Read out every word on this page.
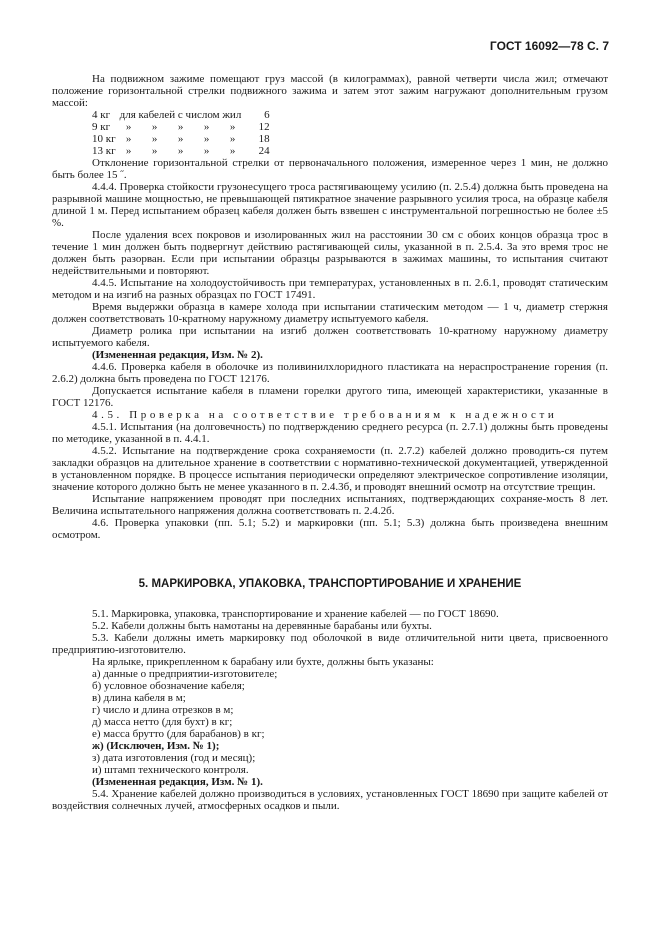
ГОСТ 16092—78 С. 7

На подвижном зажиме помещают груз массой (в килограммах), равной четверти числа жил; отмечают положение горизонтальной стрелки подвижного зажима и затем этот зажим нагружают дополнительным грузом массой:

4 кг	для кабелей с числом жил					6
9 кг	»	»	»	»	»	12
10 кг	»	»	»	»	»	18
13 кг	»	»	»	»	»	24

Отклонение горизонтальной стрелки от первоначального положения, измеренное через 1 мин, не должно быть более 15 ˝.

4.4.4. Проверка стойкости грузонесущего троса растягивающему усилию (п. 2.5.4) должна быть проведена на разрывной машине мощностью, не превышающей пятикратное значение разрывного усилия троса, на образце кабеля длиной 1 м. Перед испытанием образец кабеля должен быть взвешен с инструментальной погрешностью не более ±5 %.

После удаления всех покровов и изолированных жил на расстоянии 30 см с обоих концов образца трос в течение 1 мин должен быть подвергнут действию растягивающей силы, указанной в п. 2.5.4. За это время трос не должен быть разорван. Если при испытании образцы разрываются в зажимах машины, то испытания считают недействительными и повторяют.

4.4.5. Испытание на холодоустойчивость при температурах, установленных в п. 2.6.1, проводят статическим методом и на изгиб на разных образцах по ГОСТ 17491.

Время выдержки образца в камере холода при испытании статическим методом — 1 ч, диаметр стержня должен соответствовать 10-кратному наружному диаметру испытуемого кабеля.

Диаметр ролика при испытании на изгиб должен соответствовать 10-кратному наружному диаметру испытуемого кабеля.

(Измененная редакция, Изм. № 2).

4.4.6. Проверка кабеля в оболочке из поливинилхлоридного пластиката на нераспространение горения (п. 2.6.2) должна быть проведена по ГОСТ 12176.

Допускается испытание кабеля в пламени горелки другого типа, имеющей характеристики, указанные в ГОСТ 12176.

4.5. Проверка на соответствие требованиям к надежности

4.5.1. Испытания (на долговечность) по подтверждению среднего ресурса (п. 2.7.1) должны быть проведены по методике, указанной в п. 4.4.1.

4.5.2. Испытание на подтверждение срока сохраняемости (п. 2.7.2) кабелей должно проводить-ся путем закладки образцов на длительное хранение в соответствии с нормативно-технической документацией, утвержденной в установленном порядке. В процессе испытания периодически определяют электрическое сопротивление изоляции, значение которого должно быть не менее указанного в п. 2.4.3б, и проводят внешний осмотр на отсутствие трещин.

Испытание напряжением проводят при последних испытаниях, подтверждающих сохраняе-мость 8 лет. Величина испытательного напряжения должна соответствовать п. 2.4.2б.

4.6. Проверка упаковки (пп. 5.1; 5.2) и маркировки (пп. 5.1; 5.3) должна быть произведена внешним осмотром.

5. МАРКИРОВКА, УПАКОВКА, ТРАНСПОРТИРОВАНИЕ И ХРАНЕНИЕ

5.1. Маркировка, упаковка, транспортирование и хранение кабелей — по ГОСТ 18690.

5.2. Кабели должны быть намотаны на деревянные барабаны или бухты.

5.3. Кабели должны иметь маркировку под оболочкой в виде отличительной нити цвета, присвоенного предприятию-изготовителю.

На ярлыке, прикрепленном к барабану или бухте, должны быть указаны:

а) данные о предприятии-изготовителе;

б) условное обозначение кабеля;

в) длина кабеля в м;

г) число и длина отрезков в м;

д) масса нетто (для бухт) в кг;

е) масса брутто (для барабанов) в кг;

ж) (Исключен, Изм. № 1);

з) дата изготовления (год и месяц);

и) штамп технического контроля.

(Измененная редакция, Изм. № 1).

5.4. Хранение кабелей должно производиться в условиях, установленных ГОСТ 18690 при защите кабелей от воздействия солнечных лучей, атмосферных осадков и пыли.
